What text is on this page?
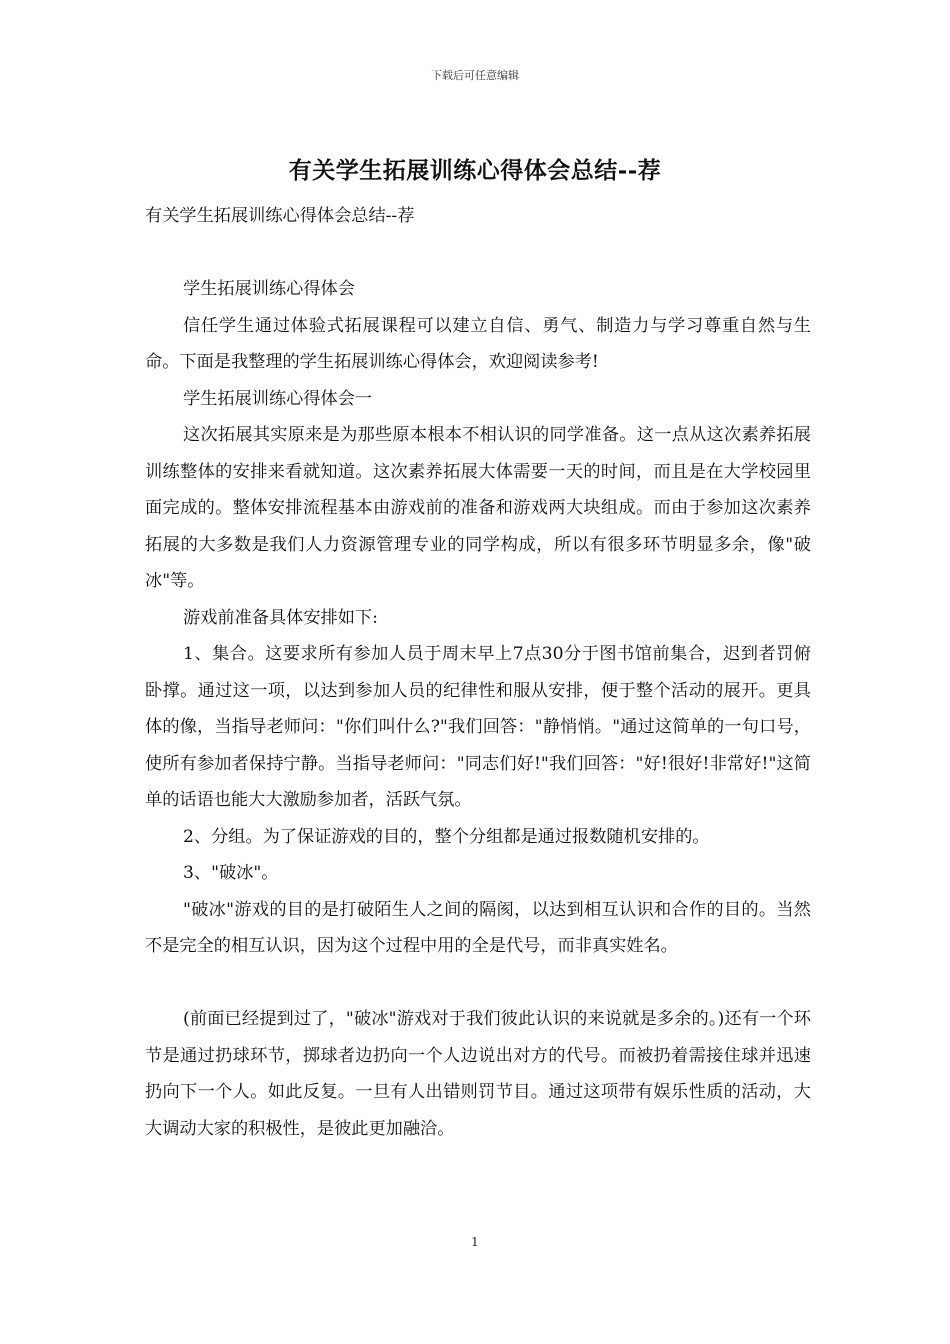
下载后可任意编辑
有关学生拓展训练心得体会总结--荐

有关学生拓展训练心得体会总结--荐

学生拓展训练心得体会

信任学生通过体验式拓展课程可以建立自信、勇气、制造力与学习尊重自然与生命。下面是我整理的学生拓展训练心得体会，欢迎阅读参考!

学生拓展训练心得体会一

这次拓展其实原来是为那些原本根本不相认识的同学准备。这一点从这次素养拓展训练整体的安排来看就知道。这次素养拓展大体需要一天的时间，而且是在大学校园里面完成的。整体安排流程基本由游戏前的准备和游戏两大块组成。而由于参加这次素养拓展的大多数是我们人力资源管理专业的同学构成，所以有很多环节明显多余，像"破冰"等。

游戏前准备具体安排如下:

1、集合。这要求所有参加人员于周末早上7点30分于图书馆前集合，迟到者罚俯卧撑。通过这一项，以达到参加人员的纪律性和服从安排，便于整个活动的展开。更具体的像，当指导老师问："你们叫什么?"我们回答："静悄悄。"通过这简单的一句口号，使所有参加者保持宁静。当指导老师问："同志们好!"我们回答："好!很好!非常好!"这简单的话语也能大大激励参加者，活跃气氛。

2、分组。为了保证游戏的目的，整个分组都是通过报数随机安排的。

3、"破冰"。

"破冰"游戏的目的是打破陌生人之间的隔阂，以达到相互认识和合作的目的。当然不是完全的相互认识，因为这个过程中用的全是代号，而非真实姓名。

(前面已经提到过了，"破冰"游戏对于我们彼此认识的来说就是多余的。)还有一个环节是通过扔球环节，掷球者边扔向一个人边说出对方的代号。而被扔着需接住球并迅速扔向下一个人。如此反复。一旦有人出错则罚节目。通过这项带有娱乐性质的活动，大大调动大家的积极性，是彼此更加融洽。

1
